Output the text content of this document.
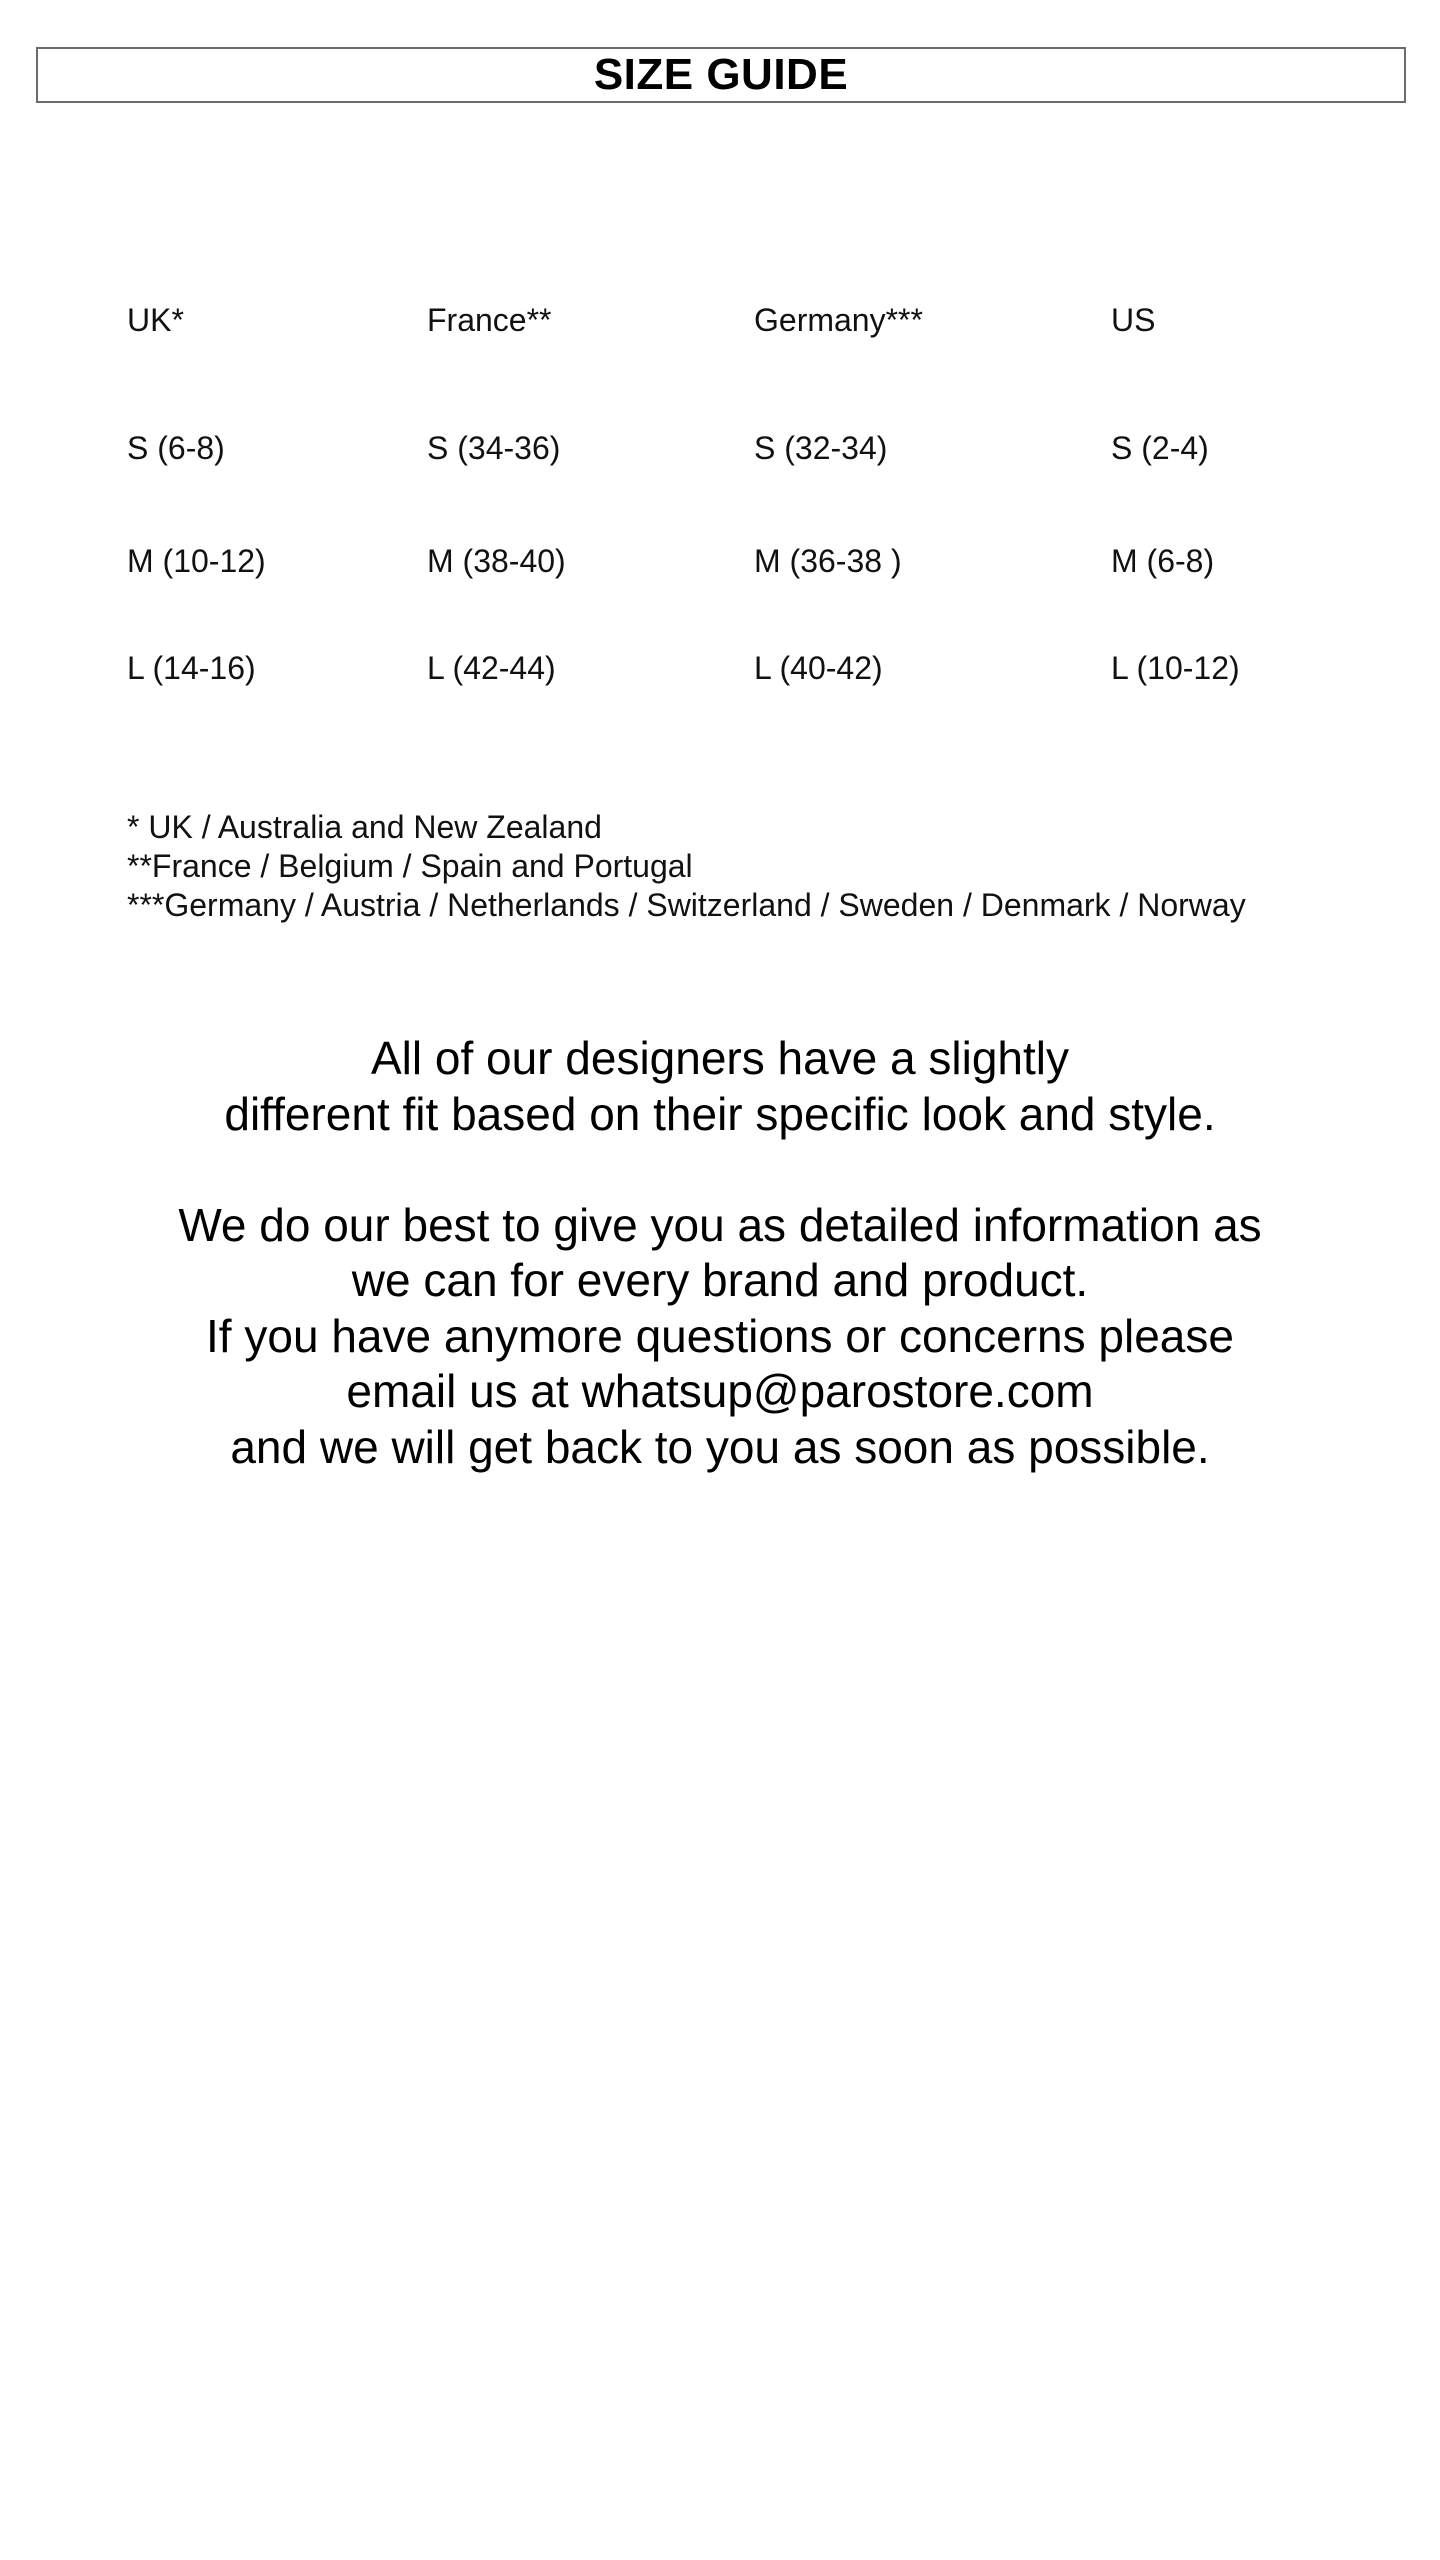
SIZE GUIDE
UK*	France**	Germany***	US
S (6-8)	S (34-36)	S (32-34)	S (2-4)
M (10-12)	M (38-40)	M (36-38 )	M (6-8)
L (14-16)	L (42-44)	L (40-42)	L (10-12)
* UK / Australia and New Zealand
**France / Belgium / Spain and Portugal
***Germany / Austria / Netherlands / Switzerland / Sweden / Denmark / Norway
All of our designers have a slightly
different fit based on their specific look and style.
We do our best to give you as detailed information as
we can for every brand and product.
If you have anymore questions or concerns please
email us at whatsup@parostore.com
and we will get back to you as soon as possible.
